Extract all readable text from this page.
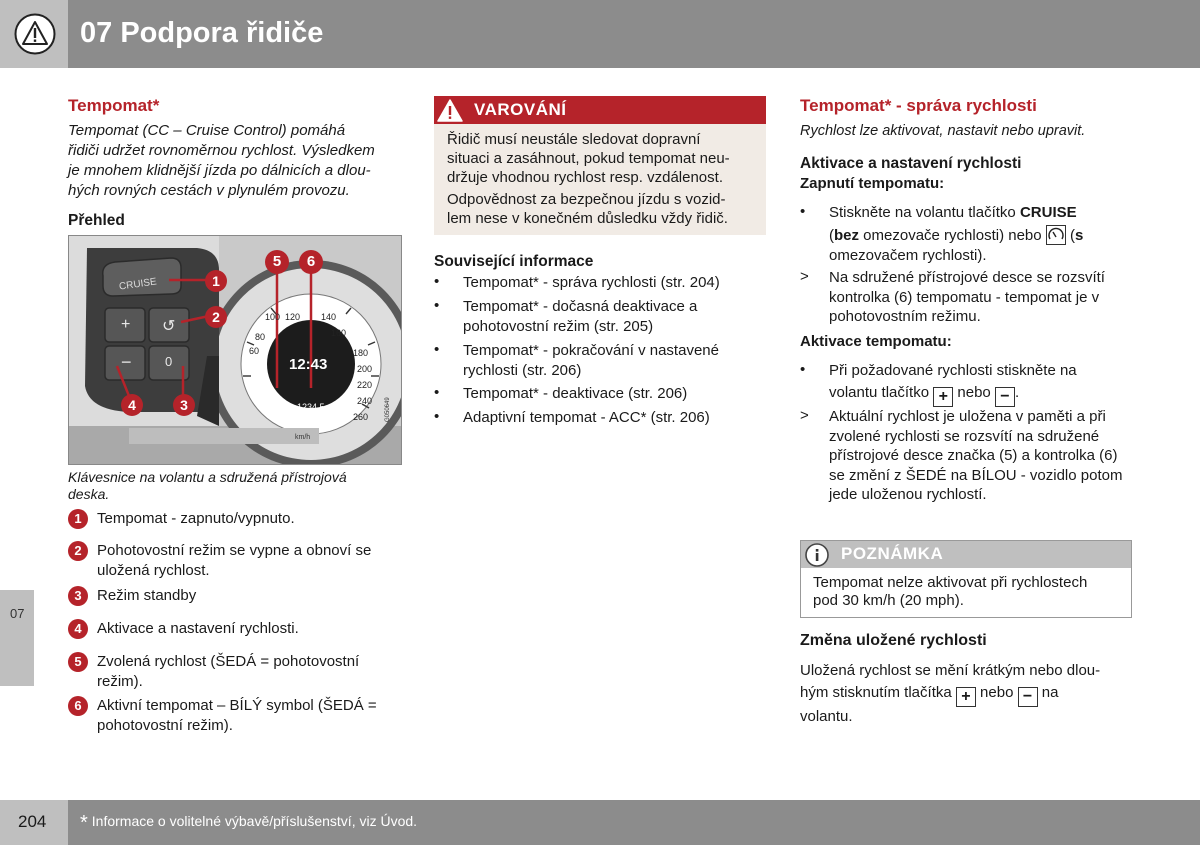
07 Podpora řidiče
07
Tempomat*
Tempomat (CC – Cruise Control) pomáhá
řidiči udržet rovnoměrnou rychlost. Výsledkem
je mnohem klidnější jízda po dálnicích a dlou-
hých rovných cestách v plynulém provozu.
Přehled
CRUISE
+ ↺
−	0
80
100 120 140
160
180
200
220
240
260
60
12:43
1234.5
km/h
G050649
1
2
3
4
5	6
Klávesnice na volantu a sdružená přístrojová
deska.
1	Tempomat - zapnuto/vypnuto.
2	Pohotovostní režim se vypne a obnoví se uložená rychlost.
3	Režim standby
4	Aktivace a nastavení rychlosti.
5	Zvolená rychlost (ŠEDÁ = pohotovostní režim).
6	Aktivní tempomat – BÍLÝ symbol (ŠEDÁ = pohotovostní režim).
VAROVÁNÍ
Řidič musí neustále sledovat dopravní
situaci a zasáhnout, pokud tempomat neu-
držuje vhodnou rychlost resp. vzdálenost.
Odpovědnost za bezpečnou jízdu s vozid-
lem nese v konečném důsledku vždy řidič.
Související informace
• Tempomat* - správa rychlosti (str. 204)
• Tempomat* - dočasná deaktivace a pohotovostní režim (str. 205)
• Tempomat* - pokračování v nastavené rychlosti (str. 206)
• Tempomat* - deaktivace (str. 206)
• Adaptivní tempomat - ACC* (str. 206)
Tempomat* - správa rychlosti
Rychlost lze aktivovat, nastavit nebo upravit.
Aktivace a nastavení rychlosti
Zapnutí tempomatu:
• Stiskněte na volantu tlačítko CRUISE
(bez omezovače rychlosti) nebo  (s
omezovačem rychlosti).
> Na sdružené přístrojové desce se rozsvítí kontrolka (6) tempomatu - tempomat je v pohotovostním režimu.
Aktivace tempomatu:
• Při požadované rychlosti stiskněte na
volantu tlačítko + nebo − .
> Aktuální rychlost je uložena v paměti a při zvolené rychlosti se rozsvítí na sdružené přístrojové desce značka (5) a kontrolka (6) se změní z ŠEDÉ na BÍLOU - vozidlo potom jede uloženou rychlostí.
POZNÁMKA
Tempomat nelze aktivovat při rychlostech
pod 30 km/h (20 mph).
Změna uložené rychlosti
Uložená rychlost se mění krátkým nebo dlou-
hým stisknutím tlačítka + nebo − na
volantu.
204 * Informace o volitelné výbavě/příslušenství, viz Úvod.
